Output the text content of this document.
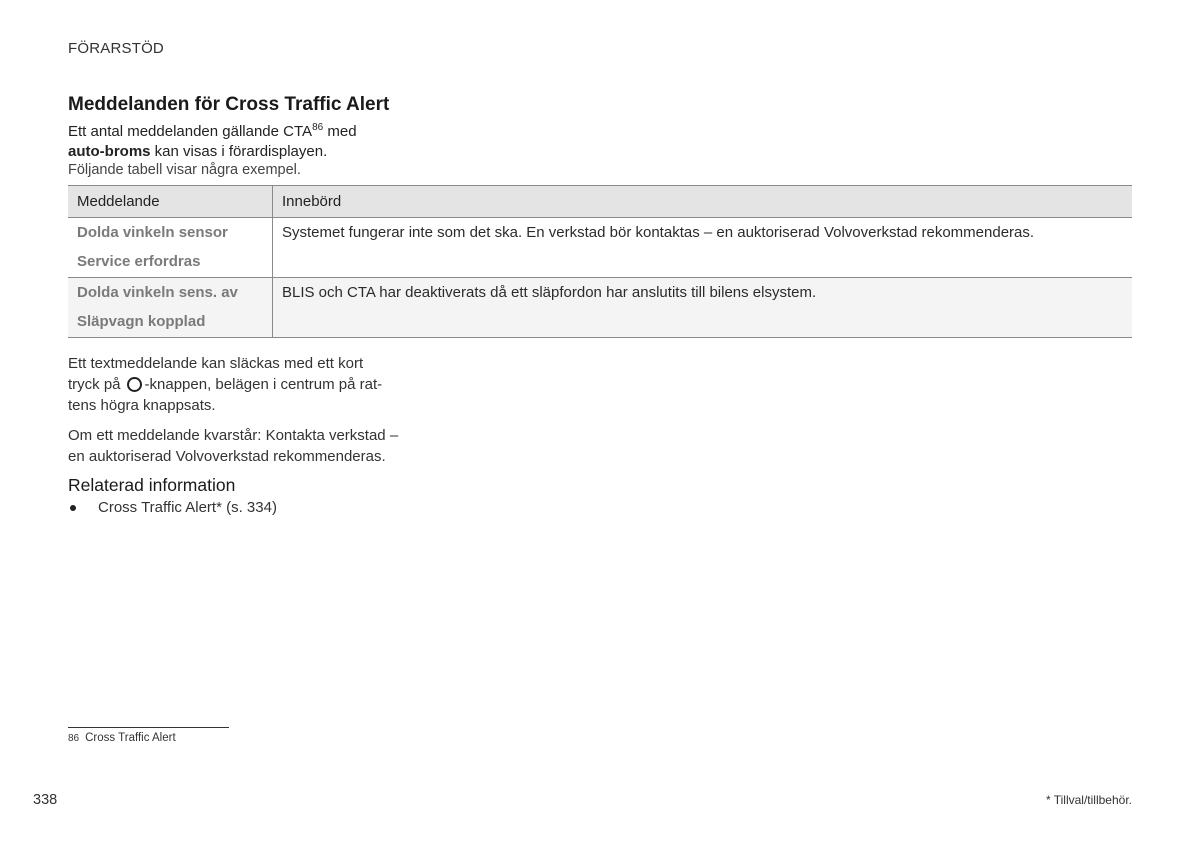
FÖRARSTÖD
Meddelanden för Cross Traffic Alert
Ett antal meddelanden gällande CTA$^{86}$ med
auto-broms kan visas i förardisplayen.
Följande tabell visar några exempel.
Meddelande	Innebörd

Dolda vinkeln sensor
Service erfordras	Systemet fungerar inte som det ska. En verkstad bör kontaktas – en auktoriserad Volvoverkstad rekommenderas.

Dolda vinkeln sens. av
Släpvagn kopplad	BLIS och CTA har deaktiverats då ett släpfordon har anslutits till bilens elsystem.
Ett textmeddelande kan släckas med ett kort
tryck på -knappen, belägen i centrum på rat-
tens högra knappsats.
Om ett meddelande kvarstår: Kontakta verkstad –
en auktoriserad Volvoverkstad rekommenderas.
Relaterad information
Cross Traffic Alert* (s. 334)
86 Cross Traffic Alert
338	* Tillval/tillbehör.
